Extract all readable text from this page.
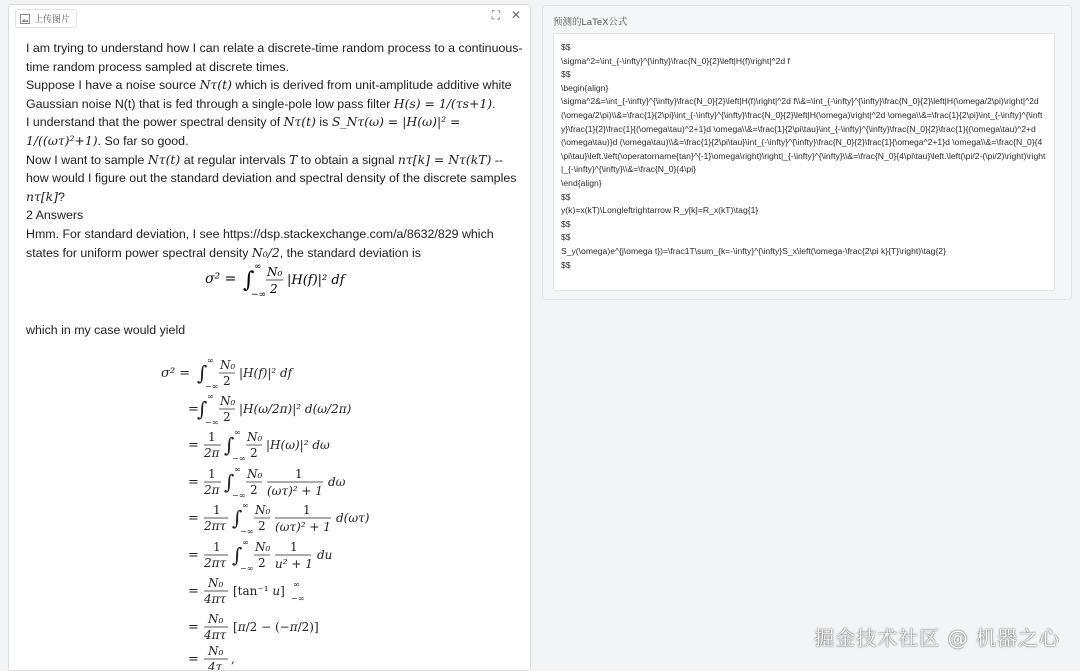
上传图片	⛶ ✕

I am trying to understand how I can relate a discrete-time random process to a continuous-time random process sampled at discrete times.

Suppose I have a noise source Nτ(t) which is derived from unit-amplitude additive white Gaussian noise N(t) that is fed through a single-pole low pass filter H(s) = 1/(τs+1).

I understand that the power spectral density of Nτ(t) is S_Nτ(ω) = |H(ω)|² = 1/((ωτ)²+1). So far so good.

Now I want to sample Nτ(t) at regular intervals T to obtain a signal nτ[k] = Nτ(kT) -- how would I figure out the standard deviation and spectral density of the discrete samples nτ[k]?

2 Answers

Hmm. For standard deviation, I see https://dsp.stackexchange.com/a/8632/829 which states for uniform power spectral density N₀/2, the standard deviation is

σ² = ∫
∞
−∞
N₀
2
|H(f)|² df
which in my case would yield
σ² = ∫
∞
−∞
N₀
2
|H(f)|² df
=
∫
∞
−∞
N₀
2
|H(ω/2π)|² d(ω/2π)
=
1
2π ∫
∞
−∞
N₀
2
|H(ω)|² dω
=
1
2π ∫
∞
−∞
N₀
2
1
(ωτ)² + 1
dω
=
1
2πτ ∫
∞
−∞
N₀
2
1
(ωτ)² + 1
d(ωτ)
=
1
2πτ ∫
∞
−∞
N₀
2
1
u² + 1
du
=
N₀
4πτ
[tan⁻¹ u] ∞
−∞
=
N₀
4πτ
[π/2 − (−π/2)]
=
N₀
4τ
,
预测的LaTeX公式
$$
\sigma^2=\int_{-\infty}^{\infty}\frac{N_0}{2}\left|H(f)\right|^2d f
$$
\begin{align}
\sigma^2&=\int_{-\infty}^{\infty}\frac{N_0}{2}\left|H(f)\right|^2d f\\&=\int_{-\infty}^{\infty}\frac{N_0}{2}\left|H(\omega/2\pi)\right|^2d (\omega/2\pi)\\&=\frac{1}{2\pi}\int_{-\infty}^{\infty}\frac{N_0}{2}\left|H(\omega)\right|^2d \omega\\&=\frac{1}{2\pi}\int_{-\infty}^{\infty}\frac{1}{2}\frac{1}{(\omega\tau)^2+1}d \omega\\&=\frac{1}{2\pi\tau}\int_{-\infty}^{\infty}\frac{N_0}{2}\frac{1}{(\omega\tau)^2+d (\omega\tau)}d (\omega\tau)\\&=\frac{1}{2\pi\tau}\int_{-\infty}^{\infty}\frac{N_0}{2}\frac{1}{\omega^2+1}d \omega\\&=\frac{N_0}{4\pi\tau}\left.\left(\operatorname{tan}^{-1}\omega\right)\right|_{-\infty}^{\infty}\\&=\frac{N_0}{4\pi\tau}\left.\left(\pi/2-(\pi/2)\right)\right|_{-\infty}^{\infty}\\&=\frac{N_0}{4\pi}
\end{align}
$$
y(k)=x(kT)\Longleftrightarrow R_y[k]=R_x(kT)\tag{1}
$$
$$
S_y(\omega)e^{j\omega t})=\frac1T\sum_{k=-\infty}^{\infty}S_x\left(\omega-\frac{2\pi k}{T}\right)\tag{2}
$$
掘金技术社区 @ 机器之心
